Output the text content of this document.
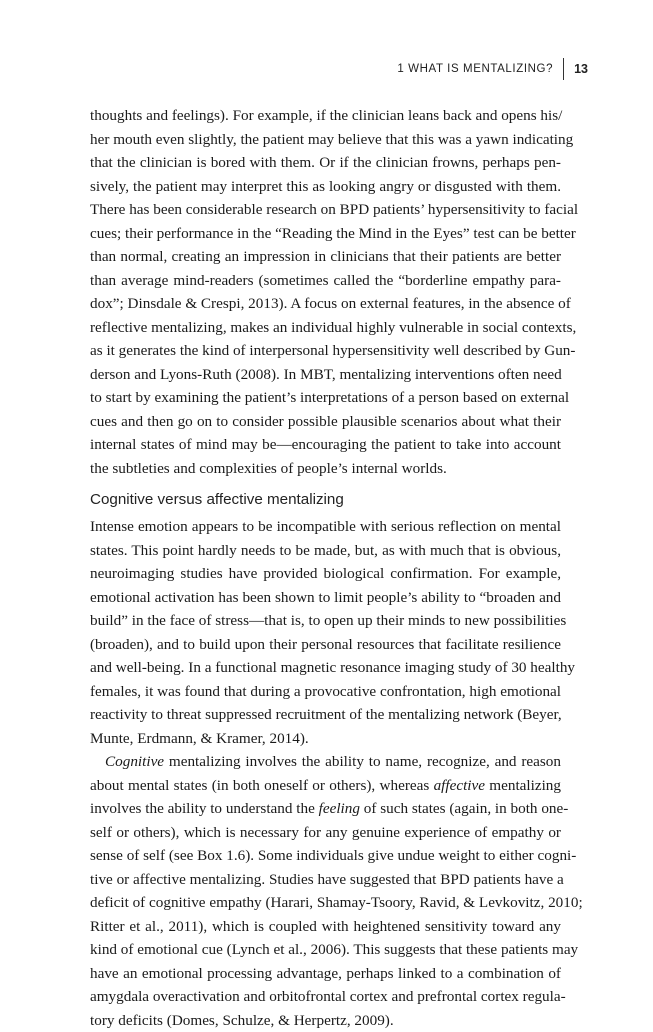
1 WHAT IS MENTALIZING? 13
thoughts and feelings). For example, if the clinician leans back and opens his/
her mouth even slightly, the patient may believe that this was a yawn indicating
that the clinician is bored with them. Or if the clinician frowns, perhaps pen-
sively, the patient may interpret this as looking angry or disgusted with them.
There has been considerable research on BPD patients’ hypersensitivity to facial
cues; their performance in the “Reading the Mind in the Eyes” test can be better
than normal, creating an impression in clinicians that their patients are better
than average mind-readers (sometimes called the “borderline empathy para-
dox”; Dinsdale & Crespi, 2013). A focus on external features, in the absence of
reflective mentalizing, makes an individual highly vulnerable in social contexts,
as it generates the kind of interpersonal hypersensitivity well described by Gun-
derson and Lyons-Ruth (2008). In MBT, mentalizing interventions often need
to start by examining the patient’s interpretations of a person based on external
cues and then go on to consider possible plausible scenarios about what their
internal states of mind may be—encouraging the patient to take into account
the subtleties and complexities of people’s internal worlds.
Cognitive versus affective mentalizing
Intense emotion appears to be incompatible with serious reflection on mental
states. This point hardly needs to be made, but, as with much that is obvious,
neuroimaging studies have provided biological confirmation. For example,
emotional activation has been shown to limit people’s ability to “broaden and
build” in the face of stress—that is, to open up their minds to new possibilities
(broaden), and to build upon their personal resources that facilitate resilience
and well-being. In a functional magnetic resonance imaging study of 30 healthy
females, it was found that during a provocative confrontation, high emotional
reactivity to threat suppressed recruitment of the mentalizing network (Beyer,
Munte, Erdmann, & Kramer, 2014).
Cognitive mentalizing involves the ability to name, recognize, and reason
about mental states (in both oneself or others), whereas affective mentalizing
involves the ability to understand the feeling of such states (again, in both one-
self or others), which is necessary for any genuine experience of empathy or
sense of self (see Box 1.6). Some individuals give undue weight to either cogni-
tive or affective mentalizing. Studies have suggested that BPD patients have a
deficit of cognitive empathy (Harari, Shamay-Tsoory, Ravid, & Levkovitz, 2010;
Ritter et al., 2011), which is coupled with heightened sensitivity toward any
kind of emotional cue (Lynch et al., 2006). This suggests that these patients may
have an emotional processing advantage, perhaps linked to a combination of
amygdala overactivation and orbitofrontal cortex and prefrontal cortex regula-
tory deficits (Domes, Schulze, & Herpertz, 2009).
